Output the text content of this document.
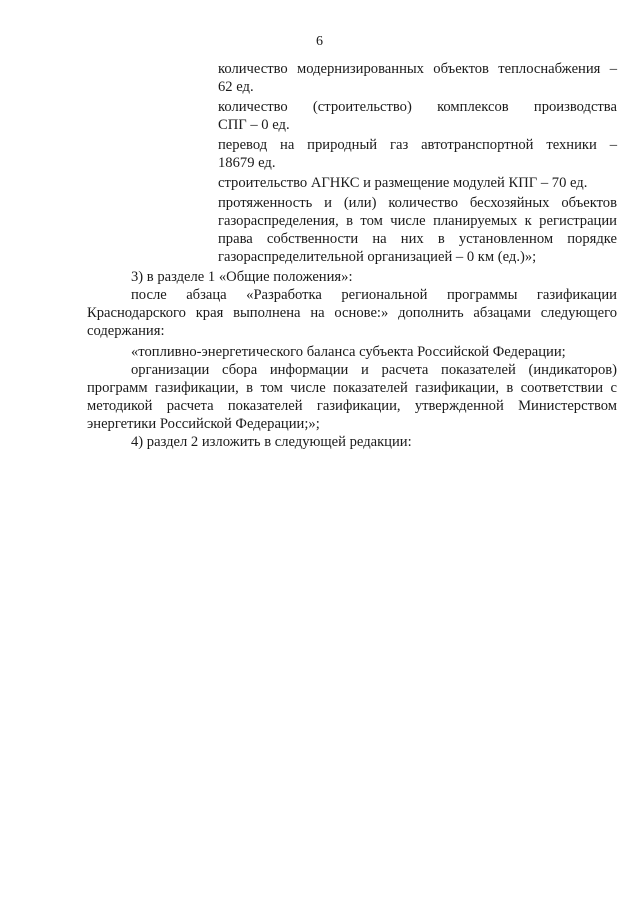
6
количество модернизированных объектов теплоснабжения –
62 ед.
количество (строительство) комплексов производства
СПГ – 0 ед.
перевод на природный газ автотранспортной техники –
18679 ед.
строительство АГНКС и размещение модулей КПГ – 70 ед.
протяженность и (или) количество бесхозяйных объектов
газораспределения, в том числе планируемых к регистрации
права собственности на них в установленном порядке
газораспределительной организацией – 0 км (ед.)»;
3) в разделе 1 «Общие положения»:
после абзаца «Разработка региональной программы газификации
Краснодарского края выполнена на основе:» дополнить абзацами следующего
содержания:
«топливно-энергетического баланса субъекта Российской Федерации;
организации сбора информации и расчета показателей (индикаторов)
программ газификации, в том числе показателей газификации, в соответствии с
методикой расчета показателей газификации, утвержденной Министерством
энергетики Российской Федерации;»;
4) раздел 2 изложить в следующей редакции:
